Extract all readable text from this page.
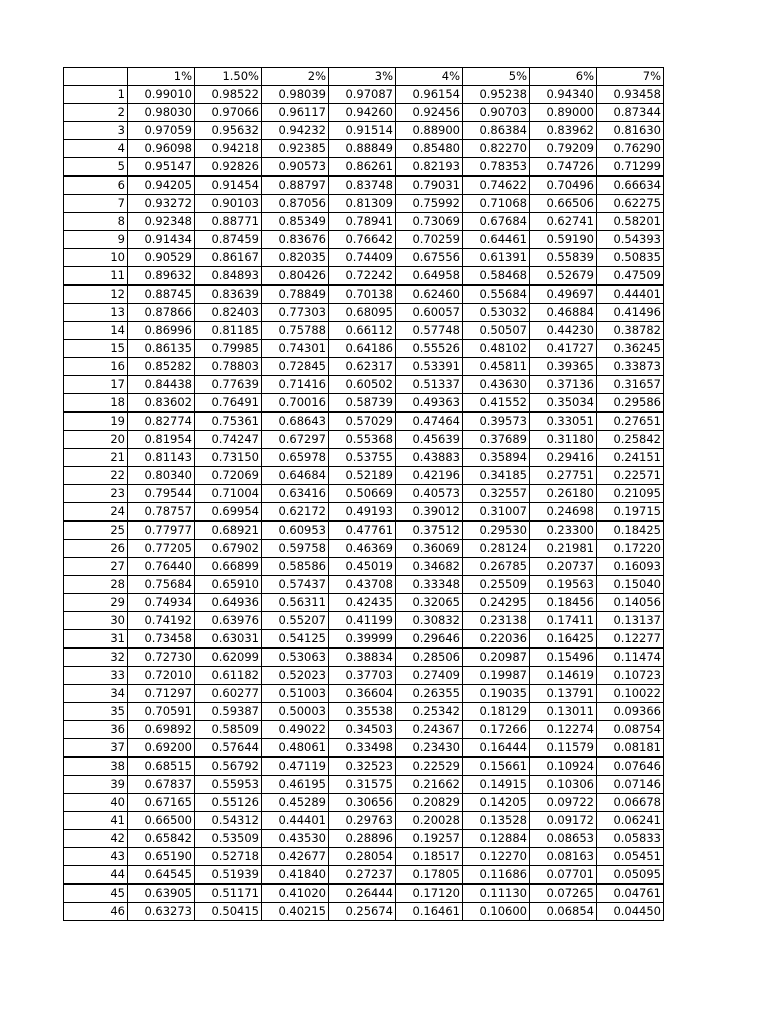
	1%	1.50%	2%	3%	4%	5%	6%	7%
1	0.99010	0.98522	0.98039	0.97087	0.96154	0.95238	0.94340	0.93458
2	0.98030	0.97066	0.96117	0.94260	0.92456	0.90703	0.89000	0.87344
3	0.97059	0.95632	0.94232	0.91514	0.88900	0.86384	0.83962	0.81630
4	0.96098	0.94218	0.92385	0.88849	0.85480	0.82270	0.79209	0.76290
5	0.95147	0.92826	0.90573	0.86261	0.82193	0.78353	0.74726	0.71299
6	0.94205	0.91454	0.88797	0.83748	0.79031	0.74622	0.70496	0.66634
7	0.93272	0.90103	0.87056	0.81309	0.75992	0.71068	0.66506	0.62275
8	0.92348	0.88771	0.85349	0.78941	0.73069	0.67684	0.62741	0.58201
9	0.91434	0.87459	0.83676	0.76642	0.70259	0.64461	0.59190	0.54393
10	0.90529	0.86167	0.82035	0.74409	0.67556	0.61391	0.55839	0.50835
11	0.89632	0.84893	0.80426	0.72242	0.64958	0.58468	0.52679	0.47509
12	0.88745	0.83639	0.78849	0.70138	0.62460	0.55684	0.49697	0.44401
13	0.87866	0.82403	0.77303	0.68095	0.60057	0.53032	0.46884	0.41496
14	0.86996	0.81185	0.75788	0.66112	0.57748	0.50507	0.44230	0.38782
15	0.86135	0.79985	0.74301	0.64186	0.55526	0.48102	0.41727	0.36245
16	0.85282	0.78803	0.72845	0.62317	0.53391	0.45811	0.39365	0.33873
17	0.84438	0.77639	0.71416	0.60502	0.51337	0.43630	0.37136	0.31657
18	0.83602	0.76491	0.70016	0.58739	0.49363	0.41552	0.35034	0.29586
19	0.82774	0.75361	0.68643	0.57029	0.47464	0.39573	0.33051	0.27651
20	0.81954	0.74247	0.67297	0.55368	0.45639	0.37689	0.31180	0.25842
21	0.81143	0.73150	0.65978	0.53755	0.43883	0.35894	0.29416	0.24151
22	0.80340	0.72069	0.64684	0.52189	0.42196	0.34185	0.27751	0.22571
23	0.79544	0.71004	0.63416	0.50669	0.40573	0.32557	0.26180	0.21095
24	0.78757	0.69954	0.62172	0.49193	0.39012	0.31007	0.24698	0.19715
25	0.77977	0.68921	0.60953	0.47761	0.37512	0.29530	0.23300	0.18425
26	0.77205	0.67902	0.59758	0.46369	0.36069	0.28124	0.21981	0.17220
27	0.76440	0.66899	0.58586	0.45019	0.34682	0.26785	0.20737	0.16093
28	0.75684	0.65910	0.57437	0.43708	0.33348	0.25509	0.19563	0.15040
29	0.74934	0.64936	0.56311	0.42435	0.32065	0.24295	0.18456	0.14056
30	0.74192	0.63976	0.55207	0.41199	0.30832	0.23138	0.17411	0.13137
31	0.73458	0.63031	0.54125	0.39999	0.29646	0.22036	0.16425	0.12277
32	0.72730	0.62099	0.53063	0.38834	0.28506	0.20987	0.15496	0.11474
33	0.72010	0.61182	0.52023	0.37703	0.27409	0.19987	0.14619	0.10723
34	0.71297	0.60277	0.51003	0.36604	0.26355	0.19035	0.13791	0.10022
35	0.70591	0.59387	0.50003	0.35538	0.25342	0.18129	0.13011	0.09366
36	0.69892	0.58509	0.49022	0.34503	0.24367	0.17266	0.12274	0.08754
37	0.69200	0.57644	0.48061	0.33498	0.23430	0.16444	0.11579	0.08181
38	0.68515	0.56792	0.47119	0.32523	0.22529	0.15661	0.10924	0.07646
39	0.67837	0.55953	0.46195	0.31575	0.21662	0.14915	0.10306	0.07146
40	0.67165	0.55126	0.45289	0.30656	0.20829	0.14205	0.09722	0.06678
41	0.66500	0.54312	0.44401	0.29763	0.20028	0.13528	0.09172	0.06241
42	0.65842	0.53509	0.43530	0.28896	0.19257	0.12884	0.08653	0.05833
43	0.65190	0.52718	0.42677	0.28054	0.18517	0.12270	0.08163	0.05451
44	0.64545	0.51939	0.41840	0.27237	0.17805	0.11686	0.07701	0.05095
45	0.63905	0.51171	0.41020	0.26444	0.17120	0.11130	0.07265	0.04761
46	0.63273	0.50415	0.40215	0.25674	0.16461	0.10600	0.06854	0.04450
